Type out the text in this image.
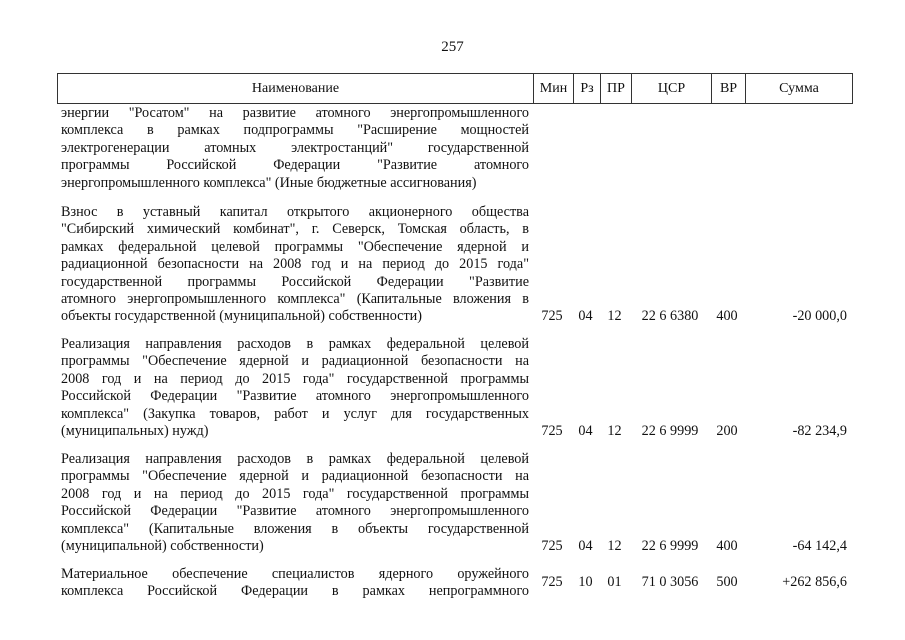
257
Наименование	Мин Рз ПР	ЦСР	ВР	Сумма
энергии "Росатом" на развитие атомного энергопромышленного
комплекса в рамках подпрограммы "Расширение мощностей
электрогенерации атомных электростанций" государственной
программы Российской Федерации "Развитие атомного
энергопромышленного комплекса" (Иные бюджетные ассигнования)
Взнос в уставный капитал открытого акционерного общества
"Сибирский химический комбинат", г. Северск, Томская область, в
рамках федеральной целевой программы "Обеспечение ядерной и
радиационной безопасности на 2008 год и на период до 2015 года"
государственной программы Российской Федерации "Развитие
атомного энергопромышленного комплекса" (Капитальные вложения в
объекты государственной (муниципальной) собственности)	725	04	12	22 6 6380	400	-20 000,0
Реализация направления расходов в рамках федеральной целевой
программы "Обеспечение ядерной и радиационной безопасности на
2008 год и на период до 2015 года" государственной программы
Российской Федерации "Развитие атомного энергопромышленного
комплекса" (Закупка товаров, работ и услуг для государственных
(муниципальных) нужд)	725	04	12	22 6 9999	200	-82 234,9
Реализация направления расходов в рамках федеральной целевой
программы "Обеспечение ядерной и радиационной безопасности на
2008 год и на период до 2015 года" государственной программы
Российской Федерации "Развитие атомного энергопромышленного
комплекса" (Капитальные вложения в объекты государственной
(муниципальной) собственности)	725	04	12	22 6 9999	400	-64 142,4
Материальное обеспечение специалистов ядерного оружейного
комплекса Российской Федерации в рамках непрограммного
725	10	01	71 0 3056	500	+262 856,6
